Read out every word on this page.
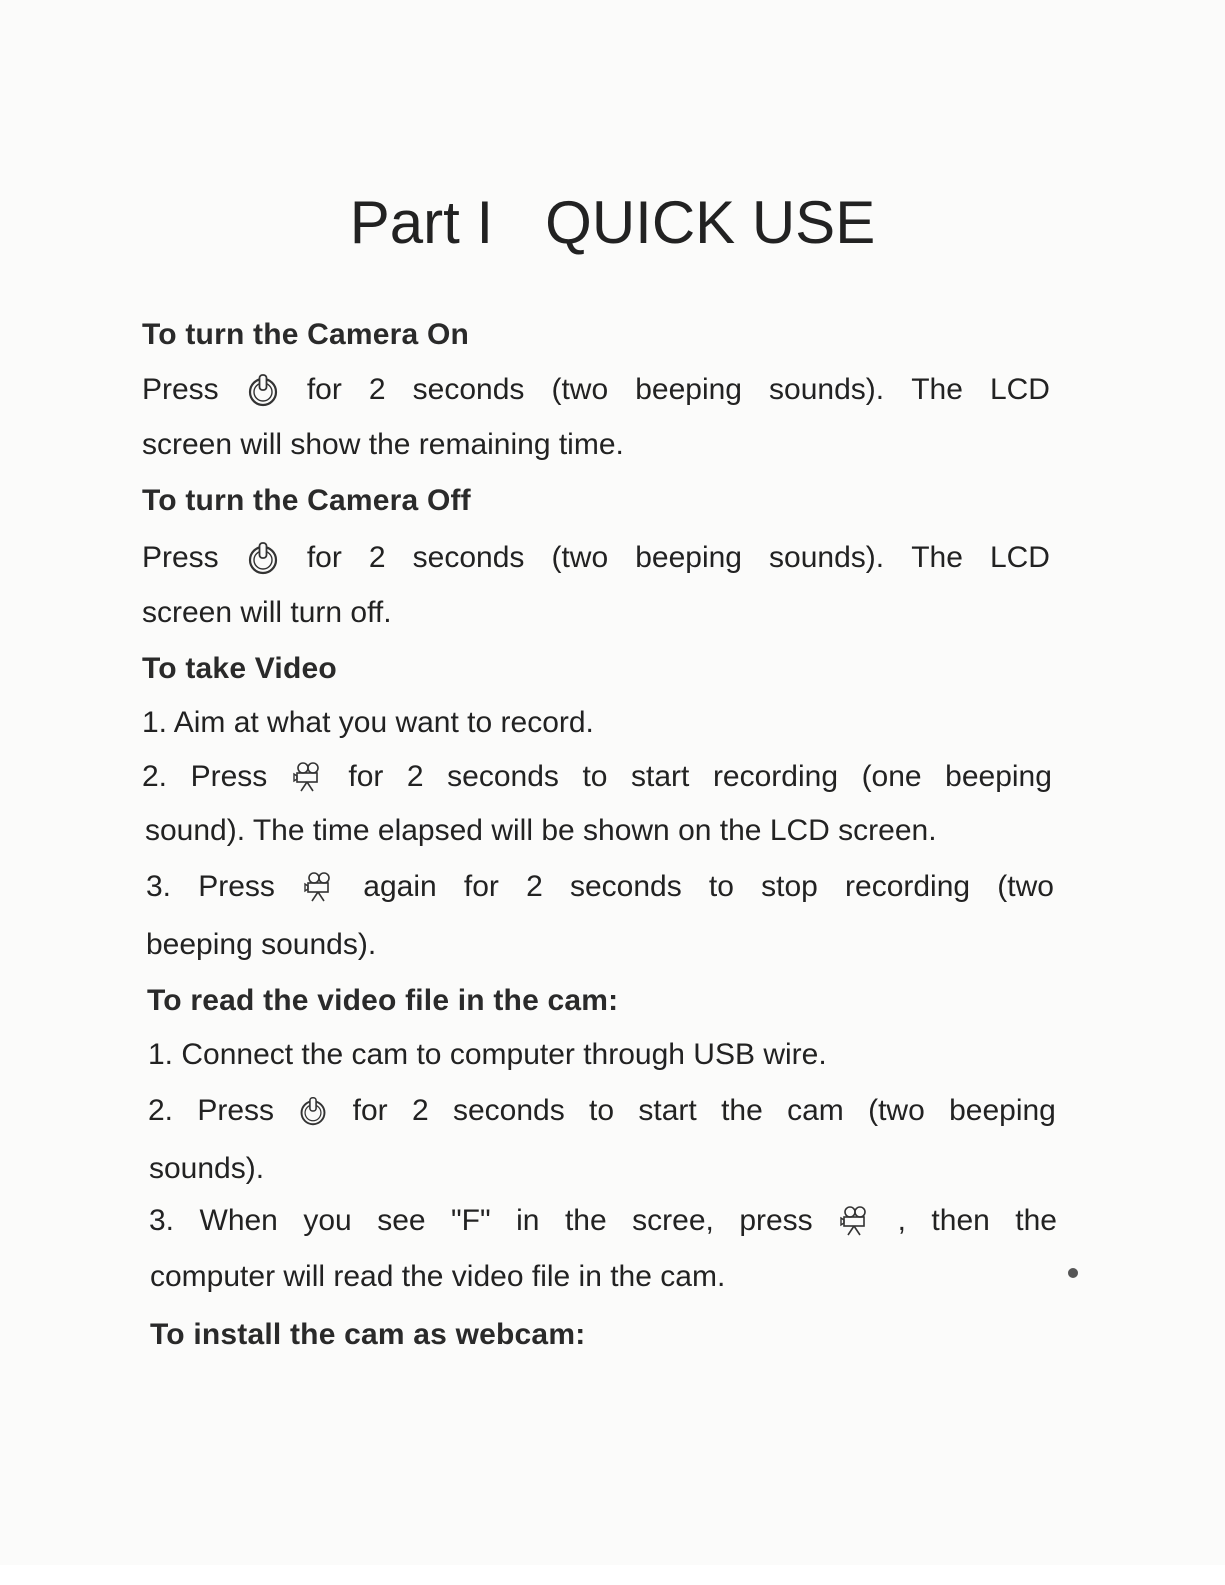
Part I QUICK USE
To turn the Camera On
Press	for 2 seconds (two beeping sounds). The LCD

screen will show the remaining time.

To turn the Camera Off
Press	for 2 seconds (two beeping sounds). The LCD

screen will turn off.

To take Video

1. Aim at what you want to record.

2. Press	for 2 seconds to start recording (one beeping

sound). The time elapsed will be shown on the LCD screen.

3. Press	again for 2 seconds to stop recording (two

beeping sounds).

To read the video file in the cam:

1. Connect the cam to computer through USB wire.

2. Press	for 2 seconds to start the cam (two beeping

sounds).

3. When you see "F" in the scree, press	, then the

computer will read the video file in the cam.

To install the cam as webcam:
